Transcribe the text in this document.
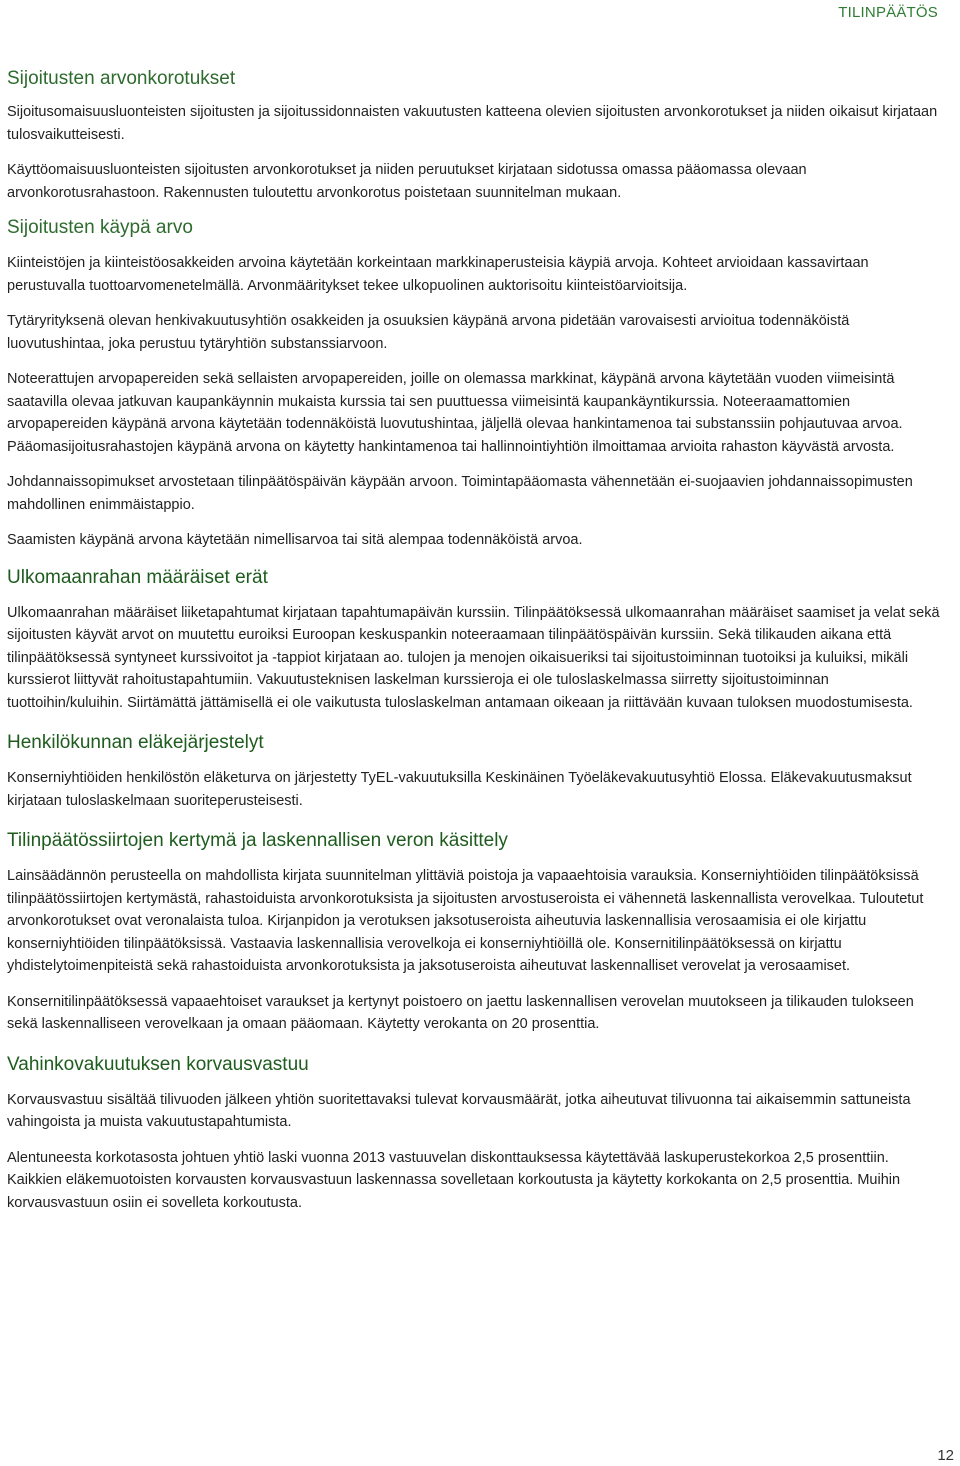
TILINPÄÄTÖS
Sijoitusten arvonkorotukset

Sijoitusomaisuusluonteisten sijoitusten ja sijoitussidonnaisten vakuutusten katteena olevien sijoitusten arvonkorotukset ja niiden oikaisut kirjataan tulosvaikutteisesti.

Käyttöomaisuusluonteisten sijoitusten arvonkorotukset ja niiden peruutukset kirjataan sidotussa omassa pääomassa olevaan arvonkorotusrahastoon. Rakennusten tuloutettu arvonkorotus poistetaan suunnitelman mukaan.

Sijoitusten käypä arvo

Kiinteistöjen ja kiinteistöosakkeiden arvoina käytetään korkeintaan markkinaperusteisia käypiä arvoja. Kohteet arvioidaan kassavirtaan perustuvalla tuottoarvomenetelmällä. Arvonmääritykset tekee ulkopuolinen auktorisoitu kiinteistöarvioitsija.

Tytäryrityksenä olevan henkivakuutusyhtiön osakkeiden ja osuuksien käypänä arvona pidetään varovaisesti arvioitua todennäköistä luovutushintaa, joka perustuu tytäryhtiön substanssiarvoon.

Noteerattujen arvopapereiden sekä sellaisten arvopapereiden, joille on olemassa markkinat, käypänä arvona käytetään vuoden viimeisintä saatavilla olevaa jatkuvan kaupankäynnin mukaista kurssia tai sen puuttuessa viimeisintä kaupankäyntikurssia. Noteeraamattomien arvopapereiden käypänä arvona käytetään todennäköistä luovutushintaa, jäljellä olevaa hankintamenoa tai substanssiin pohjautuvaa arvoa. Pääomasijoitusrahastojen käypänä arvona on käytetty hankintamenoa tai hallinnointiyhtiön ilmoittamaa arvioita rahaston käyvästä arvosta.

Johdannaissopimukset arvostetaan tilinpäätöspäivän käypään arvoon. Toimintapääomasta vähennetään ei-suojaavien johdannaissopimusten mahdollinen enimmäistappio.

Saamisten käypänä arvona käytetään nimellisarvoa tai sitä alempaa todennäköistä arvoa.

Ulkomaanrahan määräiset erät

Ulkomaanrahan määräiset liiketapahtumat kirjataan tapahtumapäivän kurssiin. Tilinpäätöksessä ulkomaanrahan määräiset saamiset ja velat sekä sijoitusten käyvät arvot on muutettu euroiksi Euroopan keskuspankin noteeraamaan tilinpäätöspäivän kurssiin. Sekä tilikauden aikana että tilinpäätöksessä syntyneet kurssivoitot ja -tappiot kirjataan ao. tulojen ja menojen oikaisueriksi tai sijoitustoiminnan tuotoiksi ja kuluiksi, mikäli kurssierot liittyvät rahoitustapahtumiin. Vakuutusteknisen laskelman kurssieroja ei ole tuloslaskelmassa siirretty sijoitustoiminnan tuottoihin/kuluihin. Siirtämättä jättämisellä ei ole vaikutusta tuloslaskelman antamaan oikeaan ja riittävään kuvaan tuloksen muodostumisesta.

Henkilökunnan eläkejärjestelyt

Konserniyhtiöiden henkilöstön eläketurva on järjestetty TyEL-vakuutuksilla Keskinäinen Työeläkevakuutusyhtiö Elossa. Eläkevakuutusmaksut kirjataan tuloslaskelmaan suoriteperusteisesti.

Tilinpäätössiirtojen kertymä ja laskennallisen veron käsittely

Lainsäädännön perusteella on mahdollista kirjata suunnitelman ylittäviä poistoja ja vapaaehtoisia varauksia. Konserniyhtiöiden tilinpäätöksissä tilinpäätössiirtojen kertymästä, rahastoiduista arvonkorotuksista ja sijoitusten arvostuseroista ei vähennetä laskennallista verovelkaa. Tuloutetut arvonkorotukset ovat veronalaista tuloa. Kirjanpidon ja verotuksen jaksotuseroista aiheutuvia laskennallisia verosaamisia ei ole kirjattu konserniyhtiöiden tilinpäätöksissä. Vastaavia laskennallisia verovelkoja ei konserniyhtiöillä ole. Konsernitilinpäätöksessä on kirjattu yhdistelytoimenpiteistä sekä rahastoiduista arvonkorotuksista ja jaksotuseroista aiheutuvat laskennalliset verovelat ja verosaamiset.

Konsernitilinpäätöksessä vapaaehtoiset varaukset ja kertynyt poistoero on jaettu laskennallisen verovelan muutokseen ja tilikauden tulokseen sekä laskennalliseen verovelkaan ja omaan pääomaan. Käytetty verokanta on 20 prosenttia.

Vahinkovakuutuksen korvausvastuu

Korvausvastuu sisältää tilivuoden jälkeen yhtiön suoritettavaksi tulevat korvausmäärät, jotka aiheutuvat tilivuonna tai aikaisemmin sattuneista vahingoista ja muista vakuutustapahtumista.

Alentuneesta korkotasosta johtuen yhtiö laski vuonna 2013 vastuuvelan diskonttauksessa käytettävää laskuperustekorkoa 2,5 prosenttiin. Kaikkien eläkemuotoisten korvausten korvausvastuun laskennassa sovelletaan korkoutusta ja käytetty korkokanta on 2,5 prosenttia. Muihin korvausvastuun osiin ei sovelleta korkoutusta.

12
